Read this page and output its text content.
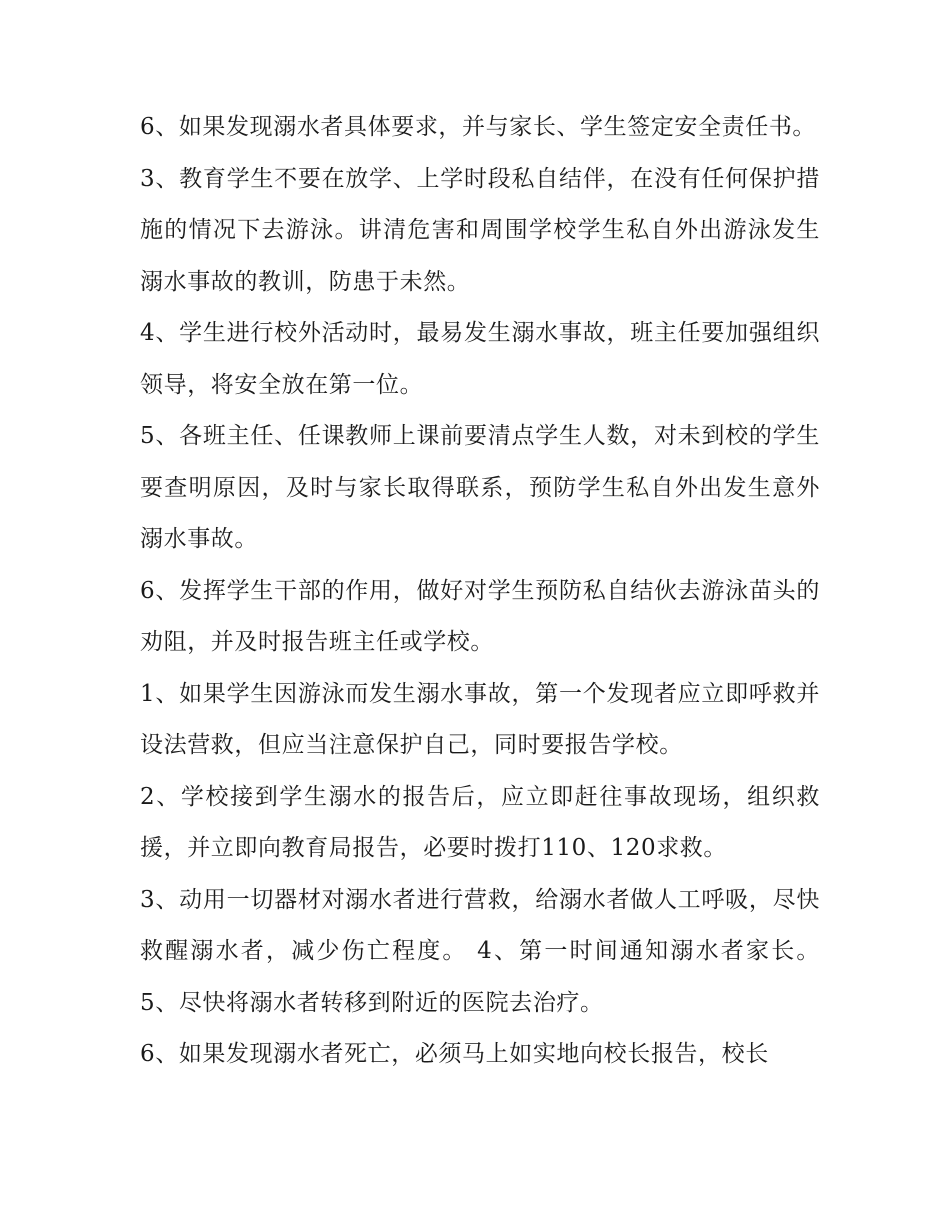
6、如果发现溺水者具体要求，并与家长、学生签定安全责任书。

3、教育学生不要在放学、上学时段私自结伴，在没有任何保护措施的情况下去游泳。讲清危害和周围学校学生私自外出游泳发生溺水事故的教训，防患于未然。

4、学生进行校外活动时，最易发生溺水事故，班主任要加强组织领导，将安全放在第一位。

5、各班主任、任课教师上课前要清点学生人数，对未到校的学生要查明原因，及时与家长取得联系，预防学生私自外出发生意外溺水事故。

6、发挥学生干部的作用，做好对学生预防私自结伙去游泳苗头的劝阻，并及时报告班主任或学校。

1、如果学生因游泳而发生溺水事故，第一个发现者应立即呼救并设法营救，但应当注意保护自己，同时要报告学校。

2、学校接到学生溺水的报告后，应立即赶往事故现场，组织救援，并立即向教育局报告，必要时拨打110、120求救。

3、动用一切器材对溺水者进行营救，给溺水者做人工呼吸，尽快救醒溺水者，减少伤亡程度。 4、第一时间通知溺水者家长。 5、尽快将溺水者转移到附近的医院去治疗。

6、如果发现溺水者死亡，必须马上如实地向校长报告，校长
